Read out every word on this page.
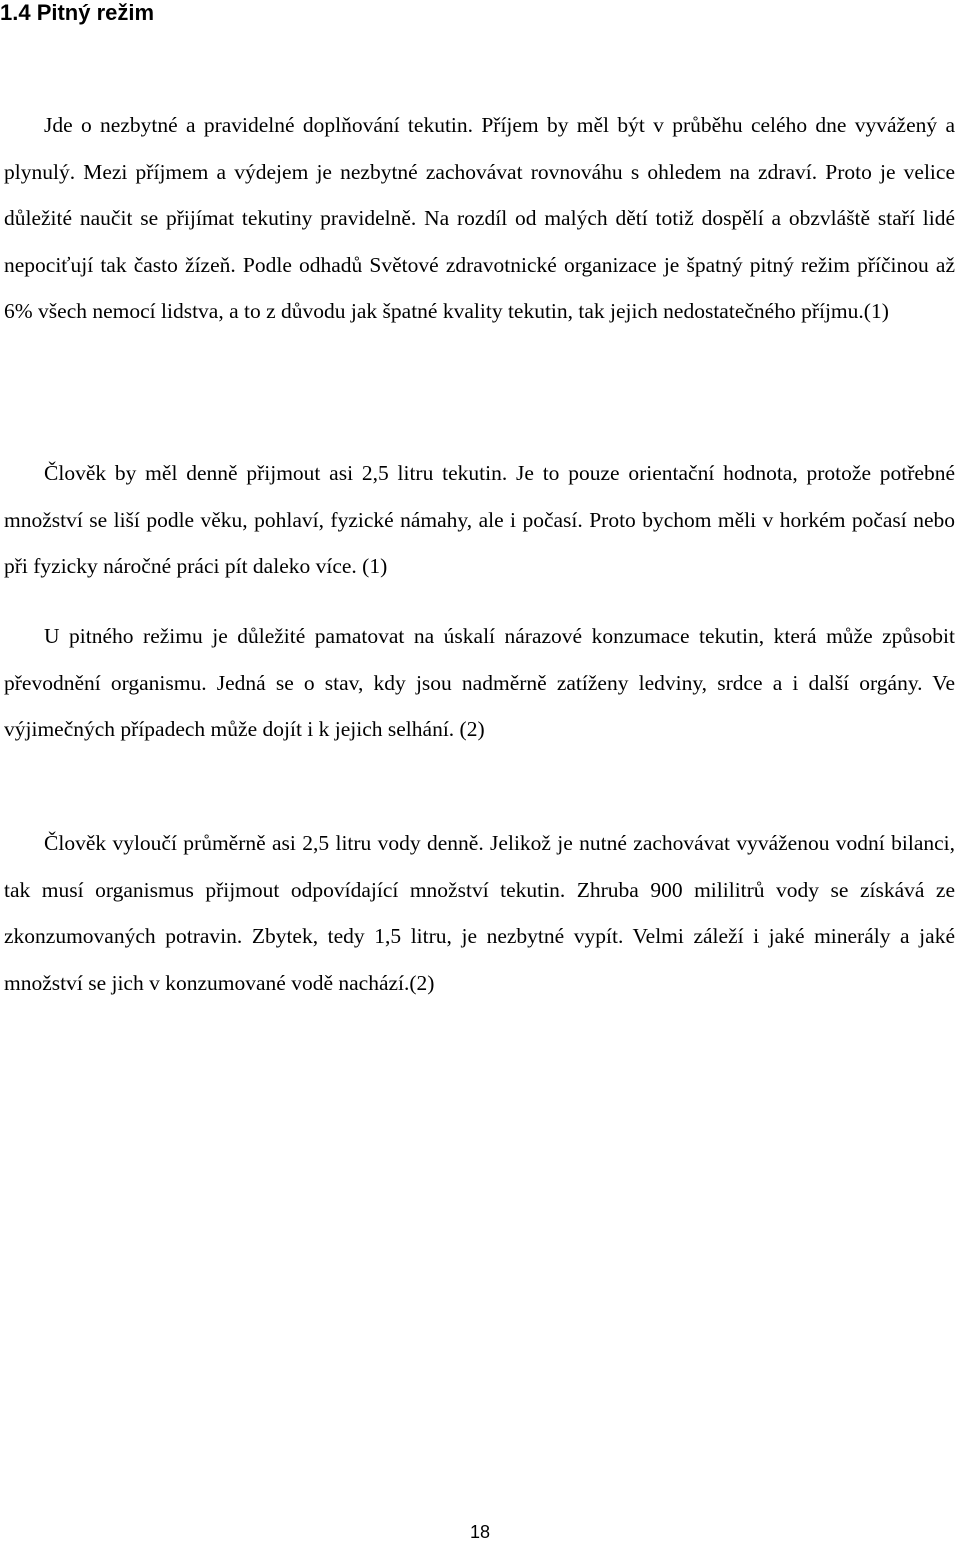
1.4 Pitný režim

Jde o nezbytné a pravidelné doplňování tekutin. Příjem by měl být v průběhu celého dne vyvážený a plynulý. Mezi příjmem a výdejem je nezbytné zachovávat rovnováhu s ohledem na zdraví. Proto je velice důležité naučit se přijímat tekutiny pravidelně. Na rozdíl od malých dětí totiž dospělí a obzvláště staří lidé nepociťují tak často žízeň. Podle odhadů Světové zdravotnické organizace je špatný pitný režim příčinou až 6% všech nemocí lidstva, a to z důvodu jak špatné kvality tekutin, tak jejich nedostatečného příjmu.(1)

Člověk by měl denně přijmout asi 2,5 litru tekutin. Je to pouze orientační hodnota, protože potřebné množství se liší podle věku, pohlaví, fyzické námahy, ale i počasí. Proto bychom měli v horkém počasí nebo při fyzicky náročné práci pít daleko více. (1)

U pitného režimu je důležité pamatovat na úskalí nárazové konzumace tekutin, která může způsobit převodnění organismu. Jedná se o stav, kdy jsou nadměrně zatíženy ledviny, srdce a i další orgány. Ve výjimečných případech může dojít i k jejich selhání. (2)

Člověk vyloučí průměrně asi 2,5 litru vody denně. Jelikož je nutné zachovávat vyváženou vodní bilanci, tak musí organismus přijmout odpovídající množství tekutin. Zhruba 900 mililitrů vody se získává ze zkonzumovaných potravin. Zbytek, tedy 1,5 litru, je nezbytné vypít. Velmi záleží i jaké minerály a jaké množství se jich v konzumované vodě nachází.(2)

18
